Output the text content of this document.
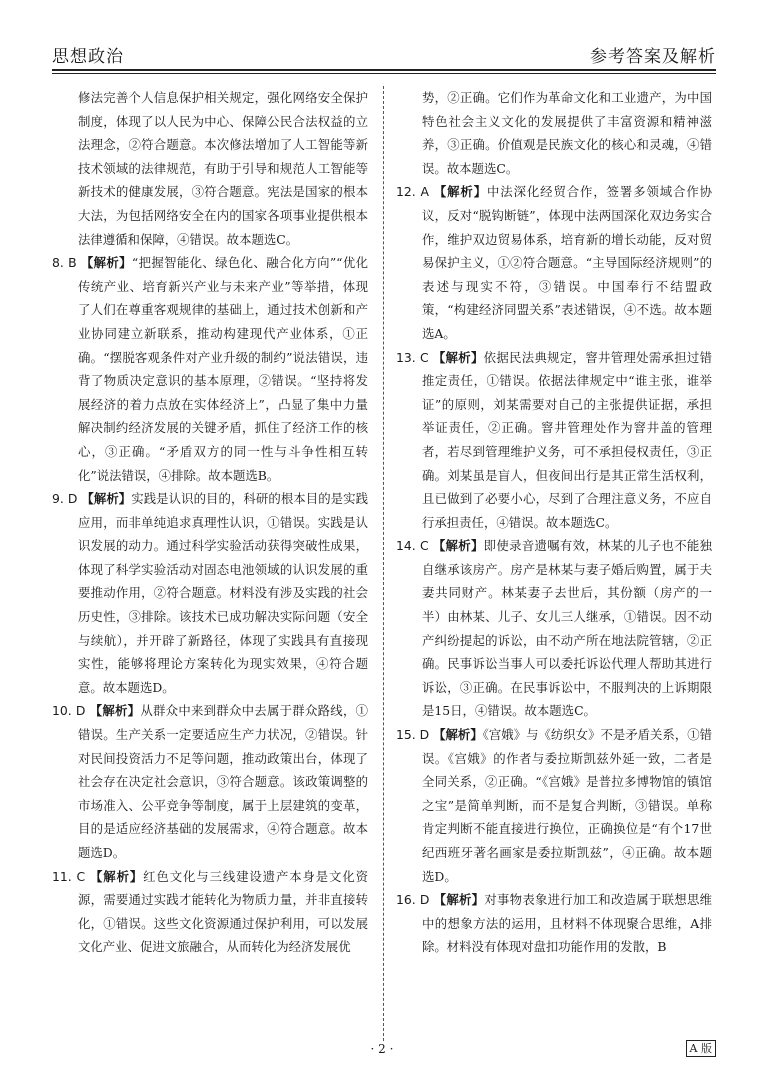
思想政治	参考答案及解析

修法完善个人信息保护相关规定，强化网络安全保护制度，体现了以人民为中心、保障公民合法权益的立法理念，②符合题意。本次修法增加了人工智能等新技术领域的法律规范，有助于引导和规范人工智能等新技术的健康发展，③符合题意。宪法是国家的根本大法，为包括网络安全在内的国家各项事业提供根本法律遵循和保障，④错误。故本题选C。

8. B 【解析】“把握智能化、绿色化、融合化方向”“优化传统产业、培育新兴产业与未来产业”等举措，体现了人们在尊重客观规律的基础上，通过技术创新和产业协同建立新联系，推动构建现代产业体系，①正确。“摆脱客观条件对产业升级的制约”说法错误，违背了物质决定意识的基本原理，②错误。“坚持将发展经济的着力点放在实体经济上”，凸显了集中力量解决制约经济发展的关键矛盾，抓住了经济工作的核心，③正确。“矛盾双方的同一性与斗争性相互转化”说法错误，④排除。故本题选B。

9. D 【解析】实践是认识的目的，科研的根本目的是实践应用，而非单纯追求真理性认识，①错误。实践是认识发展的动力。通过科学实验活动获得突破性成果，体现了科学实验活动对固态电池领域的认识发展的重要推动作用，②符合题意。材料没有涉及实践的社会历史性，③排除。该技术已成功解决实际问题（安全与续航），并开辟了新路径，体现了实践具有直接现实性，能够将理论方案转化为现实效果，④符合题意。故本题选D。

10. D 【解析】从群众中来到群众中去属于群众路线，①错误。生产关系一定要适应生产力状况，②错误。针对民间投资活力不足等问题，推动政策出台，体现了社会存在决定社会意识，③符合题意。该政策调整的市场准入、公平竞争等制度，属于上层建筑的变革，目的是适应经济基础的发展需求，④符合题意。故本题选D。

11. C 【解析】红色文化与三线建设遗产本身是文化资源，需要通过实践才能转化为物质力量，并非直接转化，①错误。这些文化资源通过保护利用，可以发展文化产业、促进文旅融合，从而转化为经济发展优

势，②正确。它们作为革命文化和工业遗产，为中国特色社会主义文化的发展提供了丰富资源和精神滋养，③正确。价值观是民族文化的核心和灵魂，④错误。故本题选C。

12. A 【解析】中法深化经贸合作，签署多领域合作协议，反对“脱钩断链”，体现中法两国深化双边务实合作，维护双边贸易体系，培育新的增长动能，反对贸易保护主义，①②符合题意。“主导国际经济规则”的表述与现实不符，③错误。中国奉行不结盟政策，“构建经济同盟关系”表述错误，④不选。故本题选A。

13. C 【解析】依据民法典规定，窨井管理处需承担过错推定责任，①错误。依据法律规定中“谁主张，谁举证”的原则，刘某需要对自己的主张提供证据，承担举证责任，②正确。窨井管理处作为窨井盖的管理者，若尽到管理维护义务，可不承担侵权责任，③正确。刘某虽是盲人，但夜间出行是其正常生活权利，且已做到了必要小心，尽到了合理注意义务，不应自行承担责任，④错误。故本题选C。

14. C 【解析】即使录音遗嘱有效，林某的儿子也不能独自继承该房产。房产是林某与妻子婚后购置，属于夫妻共同财产。林某妻子去世后，其份额（房产的一半）由林某、儿子、女儿三人继承，①错误。因不动产纠纷提起的诉讼，由不动产所在地法院管辖，②正确。民事诉讼当事人可以委托诉讼代理人帮助其进行诉讼，③正确。在民事诉讼中，不服判决的上诉期限是15日，④错误。故本题选C。

15. D 【解析】《宫娥》与《纺织女》不是矛盾关系，①错误。《宫娥》的作者与委拉斯凯兹外延一致，二者是全同关系，②正确。“《宫娥》是普拉多博物馆的镇馆之宝”是简单判断，而不是复合判断，③错误。单称肯定判断不能直接进行换位，正确换位是“有个17世纪西班牙著名画家是委拉斯凯兹”，④正确。故本题选D。

16. D 【解析】对事物表象进行加工和改造属于联想思维中的想象方法的运用，且材料不体现聚合思维，A排除。材料没有体现对盘扣功能作用的发散，B

· 2 ·	A 版
